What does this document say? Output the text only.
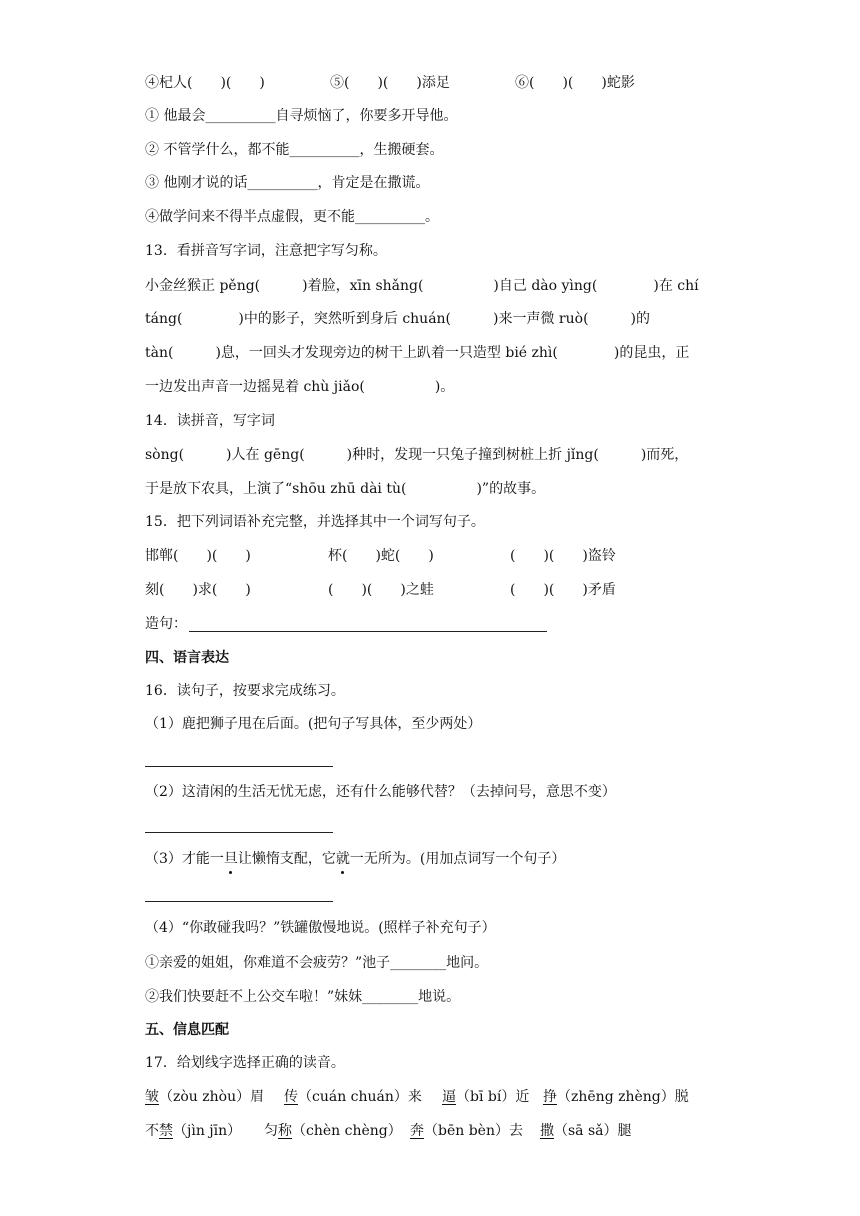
④杞人(　　)(　　)	⑤(　　)(　　)添足	⑥(　　)(　　)蛇影
① 他最会__________自寻烦恼了，你要多开导他。
② 不管学什么，都不能__________，生搬硬套。
③ 他刚才说的话__________，肯定是在撒谎。
④做学问来不得半点虚假，更不能__________。
13．看拼音写字词，注意把字写匀称。
小金丝猴正 pěng(　　　)着脸，xīn shǎng(　　　　　)自己 dào yìng(　　　　)在 chí
táng(　　　　)中的影子，突然听到身后 chuán(　　　)来一声微 ruò(　　　)的
tàn(　　　)息，一回头才发现旁边的树干上趴着一只造型 bié zhì(　　　　)的昆虫，正
一边发出声音一边摇晃着 chù jiǎo(　　　　　)。
14．读拼音，写字词
sòng(　　　)人在 gēng(　　　)种时，发现一只兔子撞到树桩上折 jǐng(　　　)而死，
于是放下农具，上演了“shōu zhū dài tù(　　　　　)”的故事。
15．把下列词语补充完整，并选择其中一个词写句子。
邯郸(　　)(　　)	杯(　　)蛇(　　)	(　　)(　　)盗铃
刻(　　)求(　　)	(　　)(　　)之蛙	(　　)(　　)矛盾
造句：
四、语言表达
16．读句子，按要求完成练习。
（1）鹿把狮子甩在后面。(把句子写具体，至少两处）
（2）这清闲的生活无忧无虑，还有什么能够代替？（去掉问号，意思不变）
（3）才能一旦让懒惰支配，它就一无所为。(用加点词写一个句子）
（4）“你敢碰我吗？”铁罐傲慢地说。(照样子补充句子）
①亲爱的姐姐，你难道不会疲劳？”池子________地问。
②我们快要赶不上公交车啦！”妹妹________地说。
五、信息匹配
17．给划线字选择正确的读音。
皱（zòu zhòu）眉 传（cuán chuán）来 逼（bī bí）近 挣（zhēng zhèng）脱
不禁（jìn jīn） 匀称（chèn chèng） 奔（bēn bèn）去 撒（sā sǎ）腿
